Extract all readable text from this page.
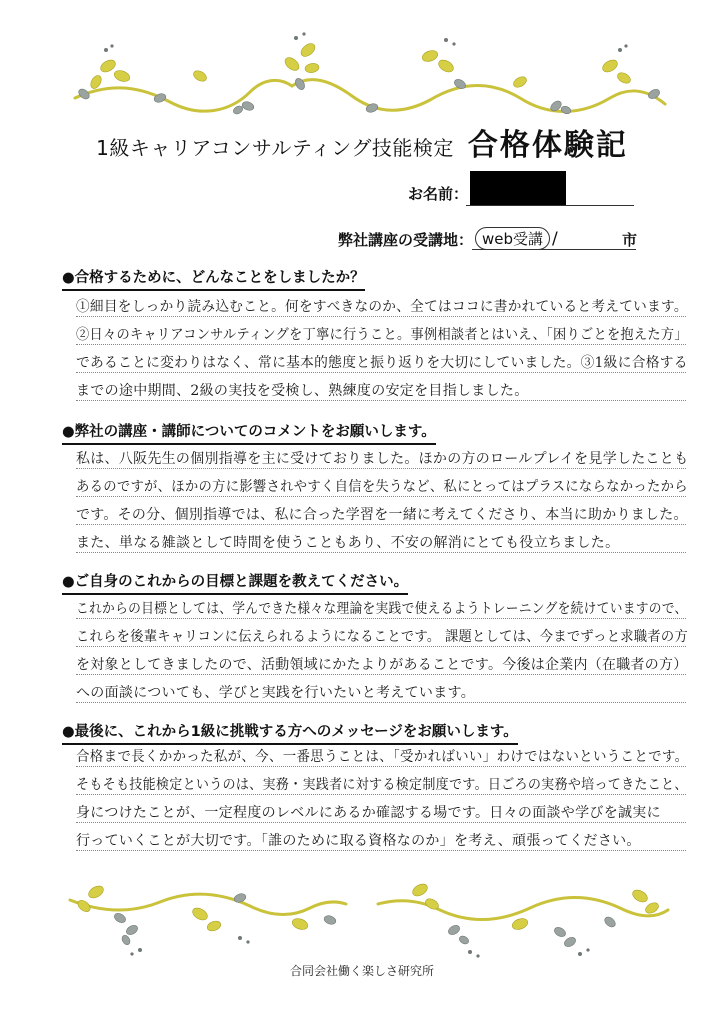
1級キャリアコンサルティング技能検定 合格体験記
お名前：
弊社講座の受講地： web受講 /	市
●合格するために、どんなことをしましたか？
①細目をしっかり読み込むこと。何をすべきなのか、全てはココに書かれていると考えています。
②日々のキャリアコンサルティングを丁寧に行うこと。事例相談者とはいえ、「困りごとを抱えた方」
であることに変わりはなく、常に基本的態度と振り返りを大切にしていました。③1級に合格する
までの途中期間、2級の実技を受検し、熟練度の安定を目指しました。
●弊社の講座・講師についてのコメントをお願いします。
私は、八阪先生の個別指導を主に受けておりました。ほかの方のロールプレイを見学したことも
あるのですが、ほかの方に影響されやすく自信を失うなど、私にとってはプラスにならなかったから
です。その分、個別指導では、私に合った学習を一緒に考えてくださり、本当に助かりました。
また、単なる雑談として時間を使うこともあり、不安の解消にとても役立ちました。
●ご自身のこれからの目標と課題を教えてください。
これからの目標としては、学んできた様々な理論を実践で使えるようトレーニングを続けていますので、
これらを後輩キャリコンに伝えられるようになることです。 課題としては、今までずっと求職者の方
を対象としてきましたので、活動領域にかたよりがあることです。今後は企業内（在職者の方）
への面談についても、学びと実践を行いたいと考えています。
●最後に、これから1級に挑戦する方へのメッセージをお願いします。
合格まで長くかかった私が、今、一番思うことは、「受かればいい」わけではないということです。
そもそも技能検定というのは、実務・実践者に対する検定制度です。日ごろの実務や培ってきたこと、
身につけたことが、一定程度のレベルにあるか確認する場です。日々の面談や学びを誠実に
行っていくことが大切です。「誰のために取る資格なのか」を考え、頑張ってください。
合同会社働く楽しさ研究所
